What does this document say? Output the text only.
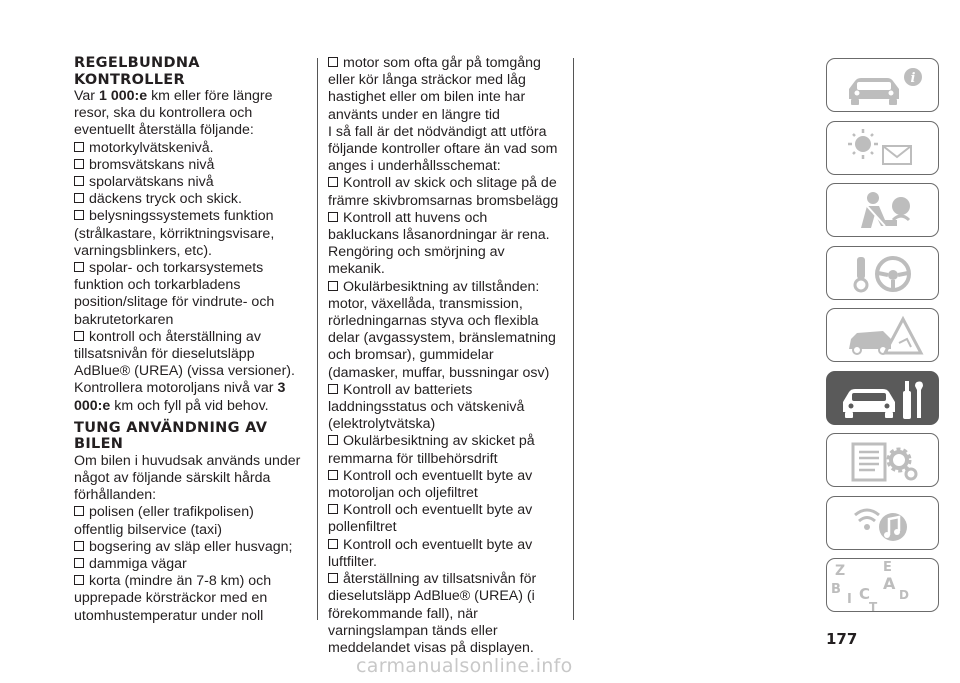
REGELBUNDNA KONTROLLER

Var 1 000:e km eller före längre resor, ska du kontrollera och eventuellt återställa följande:

motorkylvätskenivå.

bromsvätskans nivå

spolarvätskans nivå

däckens tryck och skick.

belysningssystemets funktion (strålkastare, körriktningsvisare, varningsblinkers, etc).

spolar- och torkarsystemets funktion och torkarbladens position/slitage för vindrute- och bakrutetorkaren

kontroll och återställning av tillsatsnivån för dieselutsläpp AdBlue® (UREA) (vissa versioner).

Kontrollera motoroljans nivå var 3 000:e km och fyll på vid behov.

TUNG ANVÄNDNING AV BILEN

Om bilen i huvudsak används under något av följande särskilt hårda förhållanden:

polisen (eller trafikpolisen) offentlig bilservice (taxi)

bogsering av släp eller husvagn;

dammiga vägar

korta (mindre än 7-8 km) och upprepade körsträckor med en utomhustemperatur under noll

motor som ofta går på tomgång eller kör långa sträckor med låg hastighet eller om bilen inte har använts under en längre tid

I så fall är det nödvändigt att utföra följande kontroller oftare än vad som anges i underhållsschemat:

Kontroll av skick och slitage på de främre skivbromsarnas bromsbelägg

Kontroll att huvens och bakluckans låsanordningar är rena. Rengöring och smörjning av mekanik.

Okulärbesiktning av tillstånden: motor, växellåda, transmission, rörledningarnas styva och flexibla delar (avgassystem, bränslematning och bromsar), gummidelar (damasker, muffar, bussningar osv)

Kontroll av batteriets laddningsstatus och vätskenivå (elektrolytvätska)

Okulärbesiktning av skicket på remmarna för tillbehörsdrift

Kontroll och eventuellt byte av motoroljan och oljefiltret

Kontroll och eventuellt byte av pollenfiltret

Kontroll och eventuellt byte av luftfilter.

återställning av tillsatsnivån för dieselutsläpp AdBlue® (UREA) (i förekommande fall), när varningslampan tänds eller meddelandet visas på displayen.

i
Z	E
A
B	D
I C
T
177
carmanualsonline.info
